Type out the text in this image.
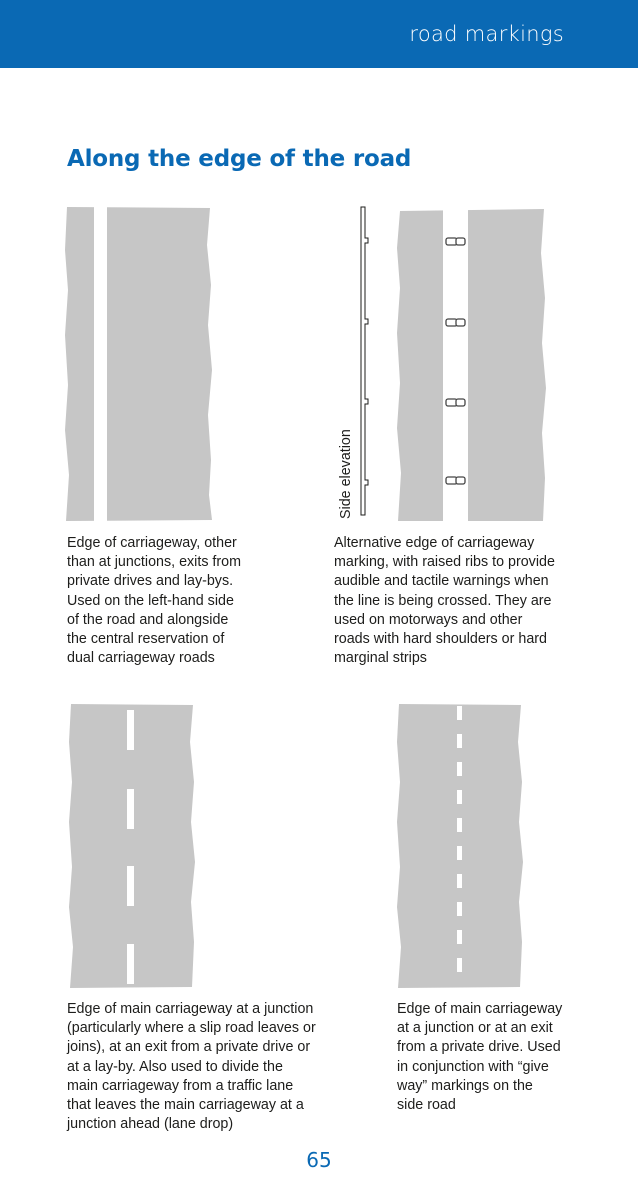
road markings
Along the edge of the road

Edge of carriageway, other
than at junctions, exits from
private drives and lay-bys.
Used on the left-hand side
of the road and alongside
the central reservation of
dual carriageway roads

Side elevation

Alternative edge of carriageway
marking, with raised ribs to provide
audible and tactile warnings when
the line is being crossed. They are
used on motorways and other
roads with hard shoulders or hard
marginal strips

Edge of main carriageway at a junction
(particularly where a slip road leaves or
joins), at an exit from a private drive or
at a lay-by. Also used to divide the
main carriageway from a traffic lane
that leaves the main carriageway at a
junction ahead (lane drop)

Edge of main carriageway
at a junction or at an exit
from a private drive. Used
in conjunction with “give
way” markings on the
side road

65
